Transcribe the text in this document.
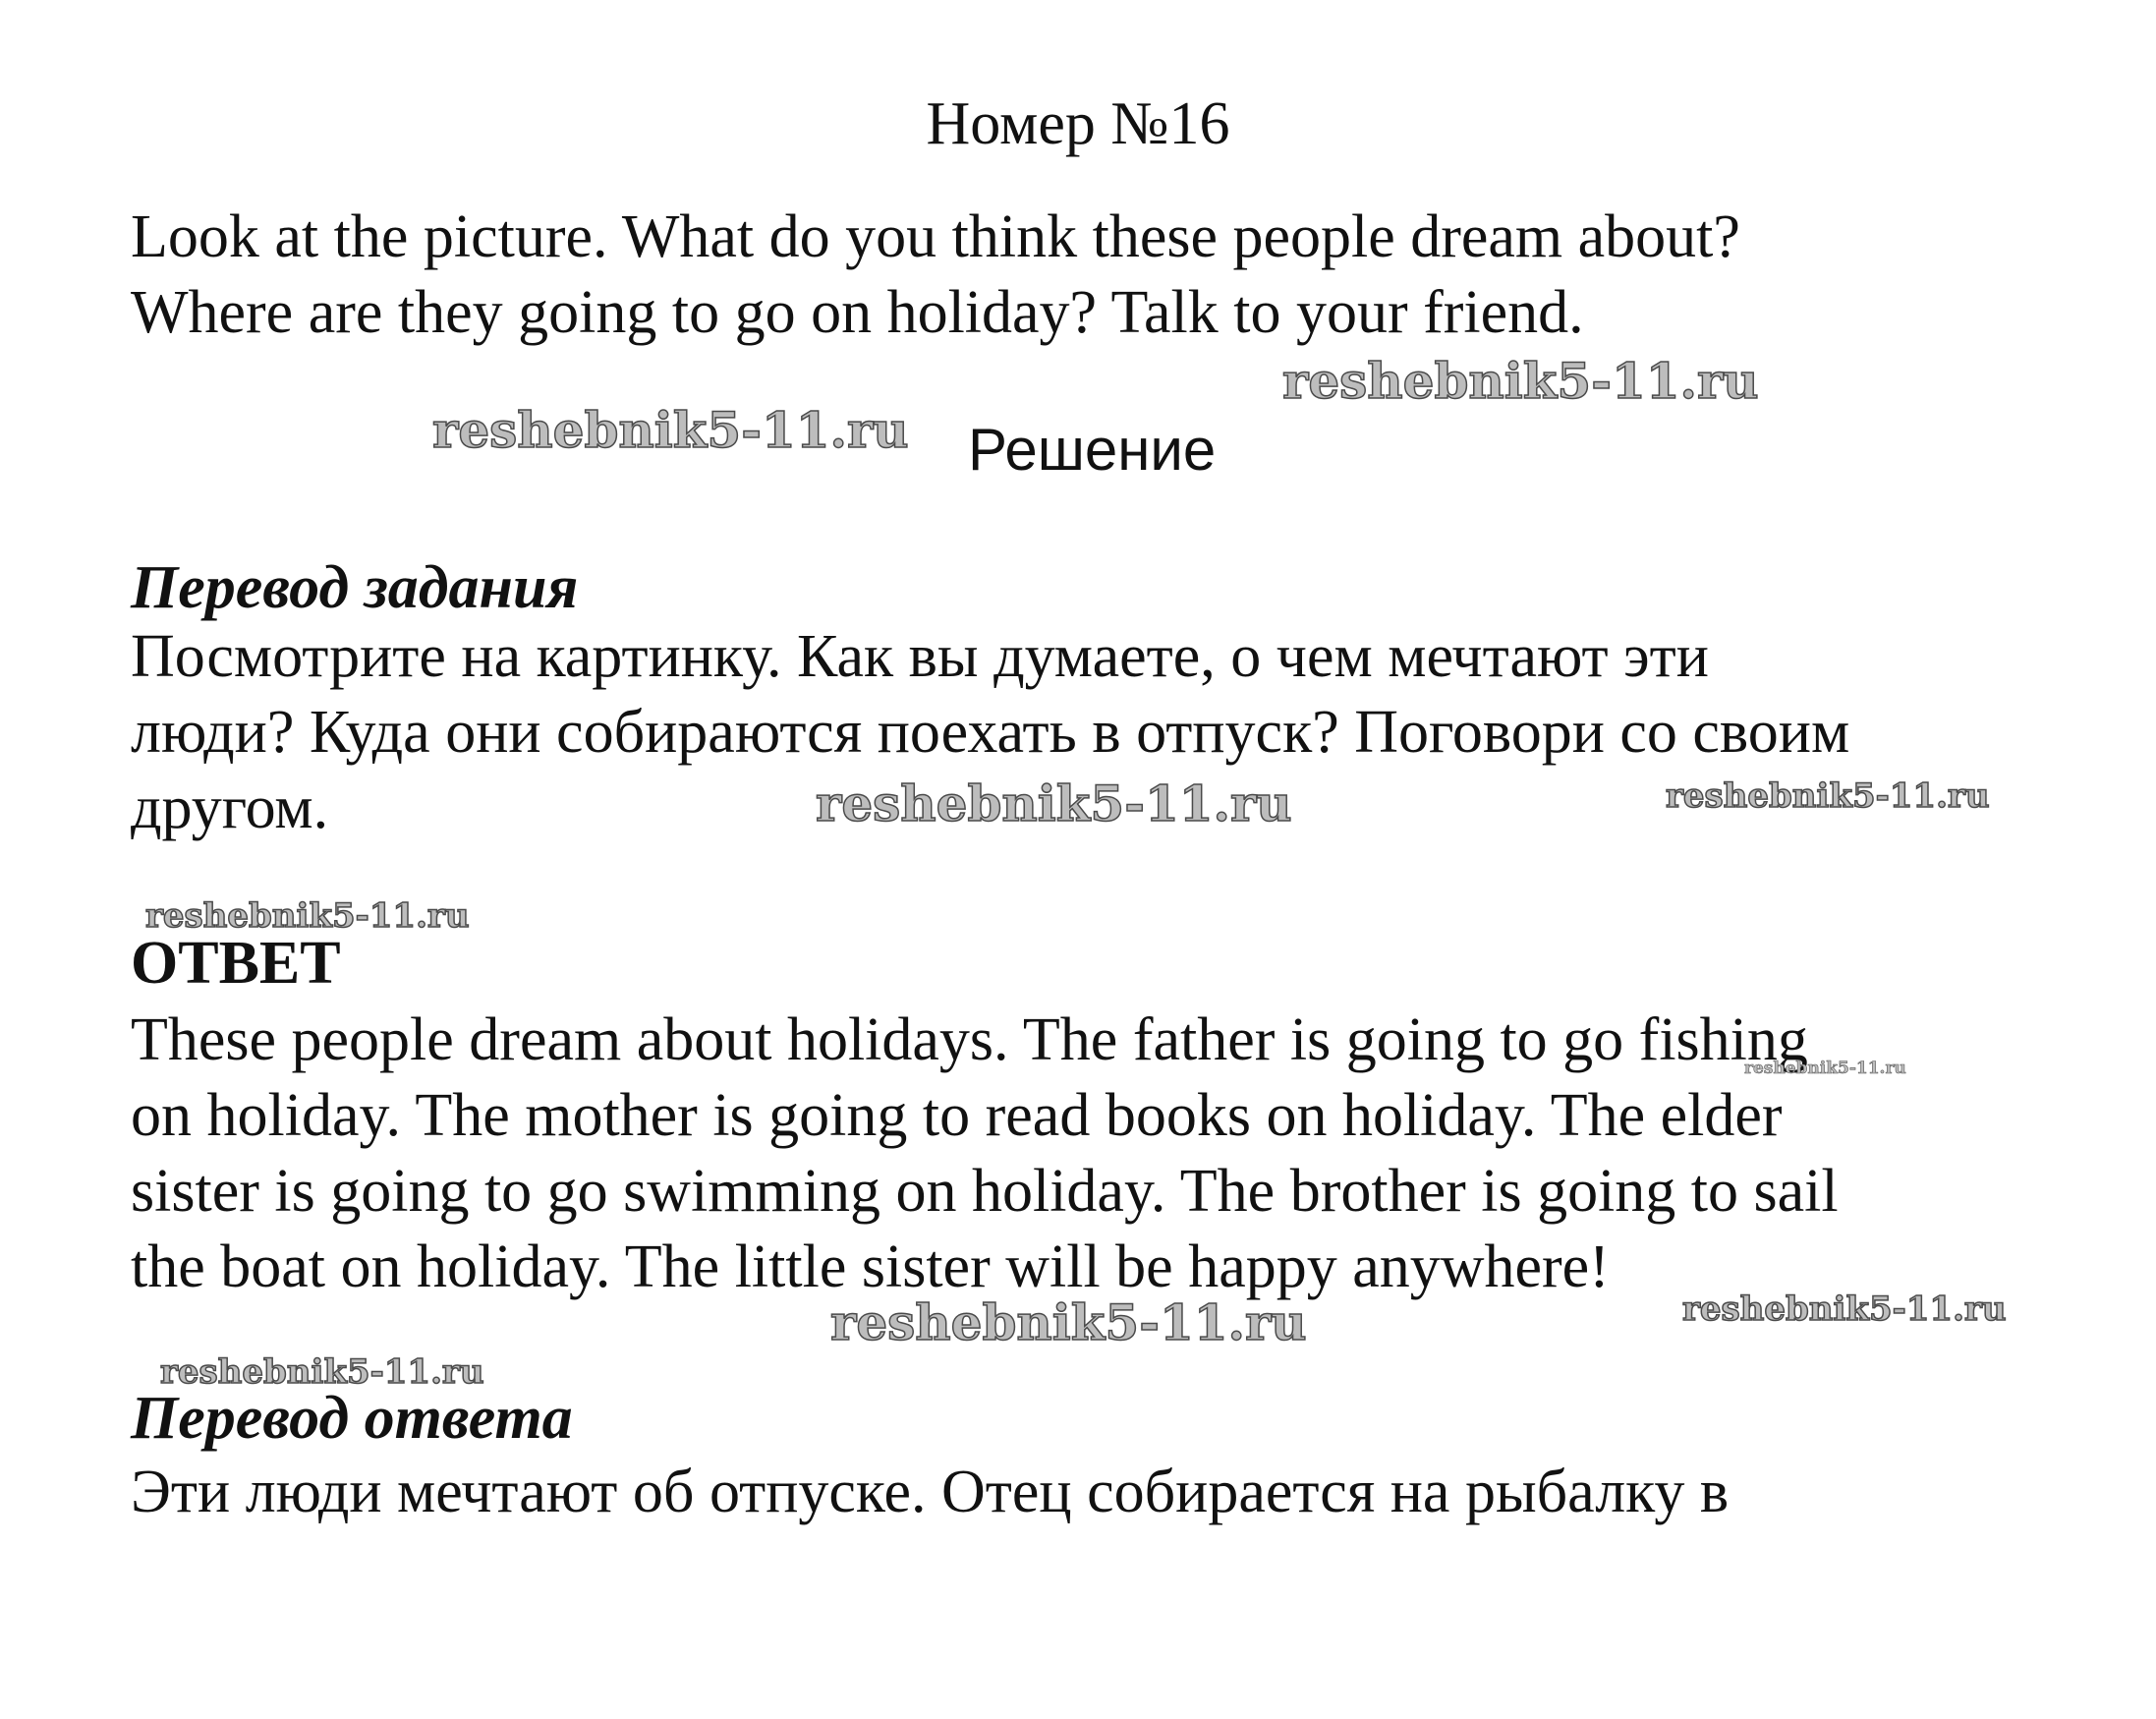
Номер №16
Look at the picture. What do you think these people dream about?
Where are they going to go on holiday? Talk to your friend.
Решение
Перевод задания
Посмотрите на картинку. Как вы думаете, о чем мечтают эти
люди? Куда они собираются поехать в отпуск? Поговори со своим
другом.
ОТВЕТ
These people dream about holidays. The father is going to go fishing
on holiday. The mother is going to read books on holiday. The elder
sister is going to go swimming on holiday. The brother is going to sail
the boat on holiday. The little sister will be happy anywhere!
Перевод ответа
Эти люди мечтают об отпуске. Отец собирается на рыбалку в
reshebnik5-11.ru
reshebnik5-11.ru
reshebnik5-11.ru	reshebnik5-11.ru
reshebnik5-11.ru
reshebnik5-11.ru
reshebnik5-11.ru	reshebnik5-11.ru
reshebnik5-11.ru
